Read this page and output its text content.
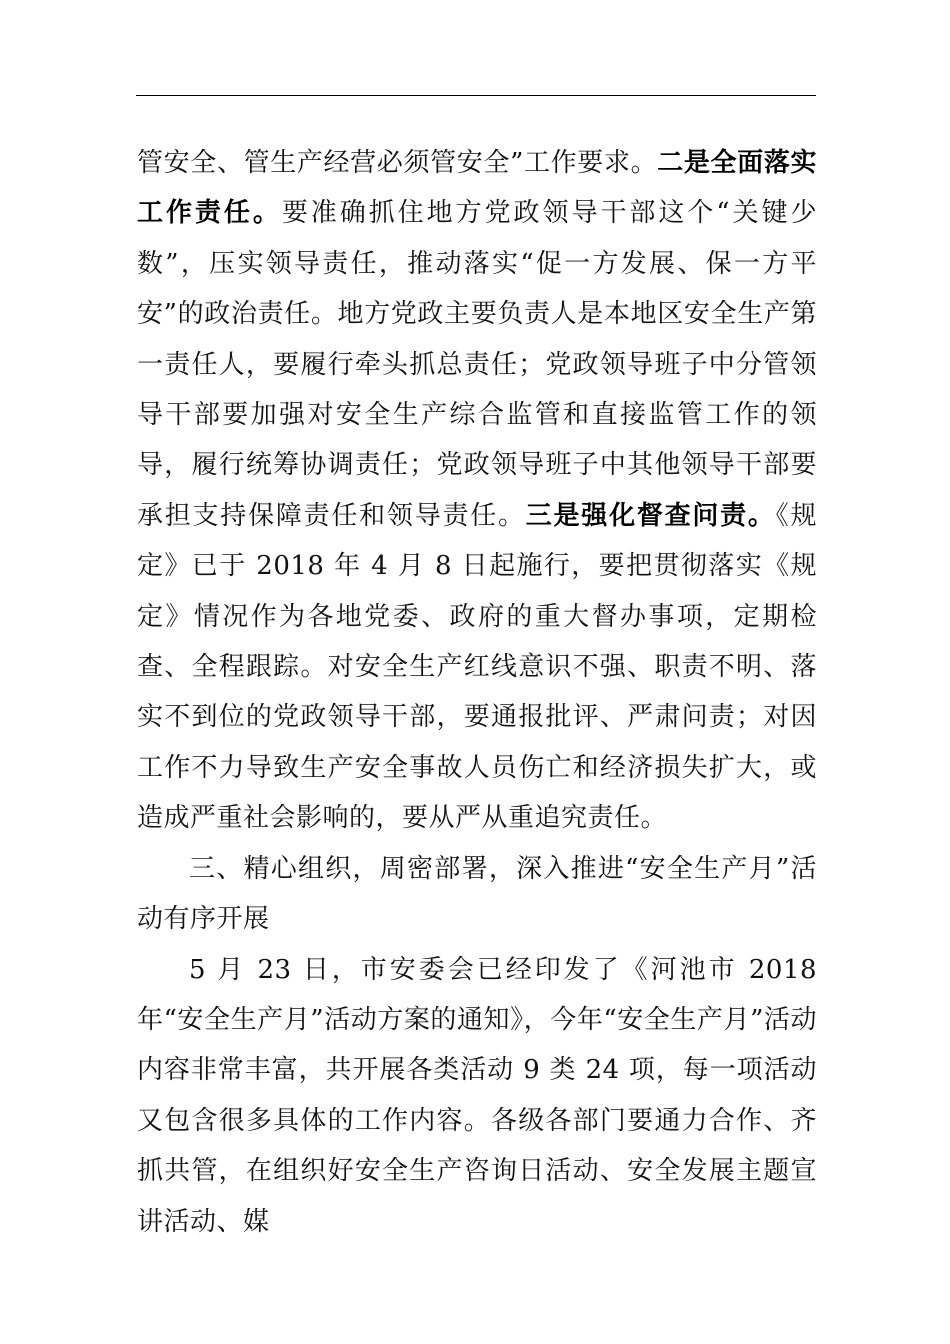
管安全、管生产经营必须管安全”工作要求。二是全面落实工作责任。要准确抓住地方党政领导干部这个“关键少数”，压实领导责任，推动落实“促一方发展、保一方平安”的政治责任。地方党政主要负责人是本地区安全生产第一责任人，要履行牵头抓总责任；党政领导班子中分管领导干部要加强对安全生产综合监管和直接监管工作的领导，履行统筹协调责任；党政领导班子中其他领导干部要承担支持保障责任和领导责任。三是强化督查问责。《规定》已于 2018 年 4 月 8 日起施行，要把贯彻落实《规定》情况作为各地党委、政府的重大督办事项，定期检查、全程跟踪。对安全生产红线意识不强、职责不明、落实不到位的党政领导干部，要通报批评、严肃问责；对因工作不力导致生产安全事故人员伤亡和经济损失扩大，或造成严重社会影响的，要从严从重追究责任。

三、精心组织，周密部署，深入推进“安全生产月”活动有序开展

5 月 23 日，市安委会已经印发了《河池市 2018 年“安全生产月”活动方案的通知》，今年“安全生产月”活动内容非常丰富，共开展各类活动 9 类 24 项，每一项活动又包含很多具体的工作内容。各级各部门要通力合作、齐抓共管，在组织好安全生产咨询日活动、安全发展主题宣讲活动、媒
